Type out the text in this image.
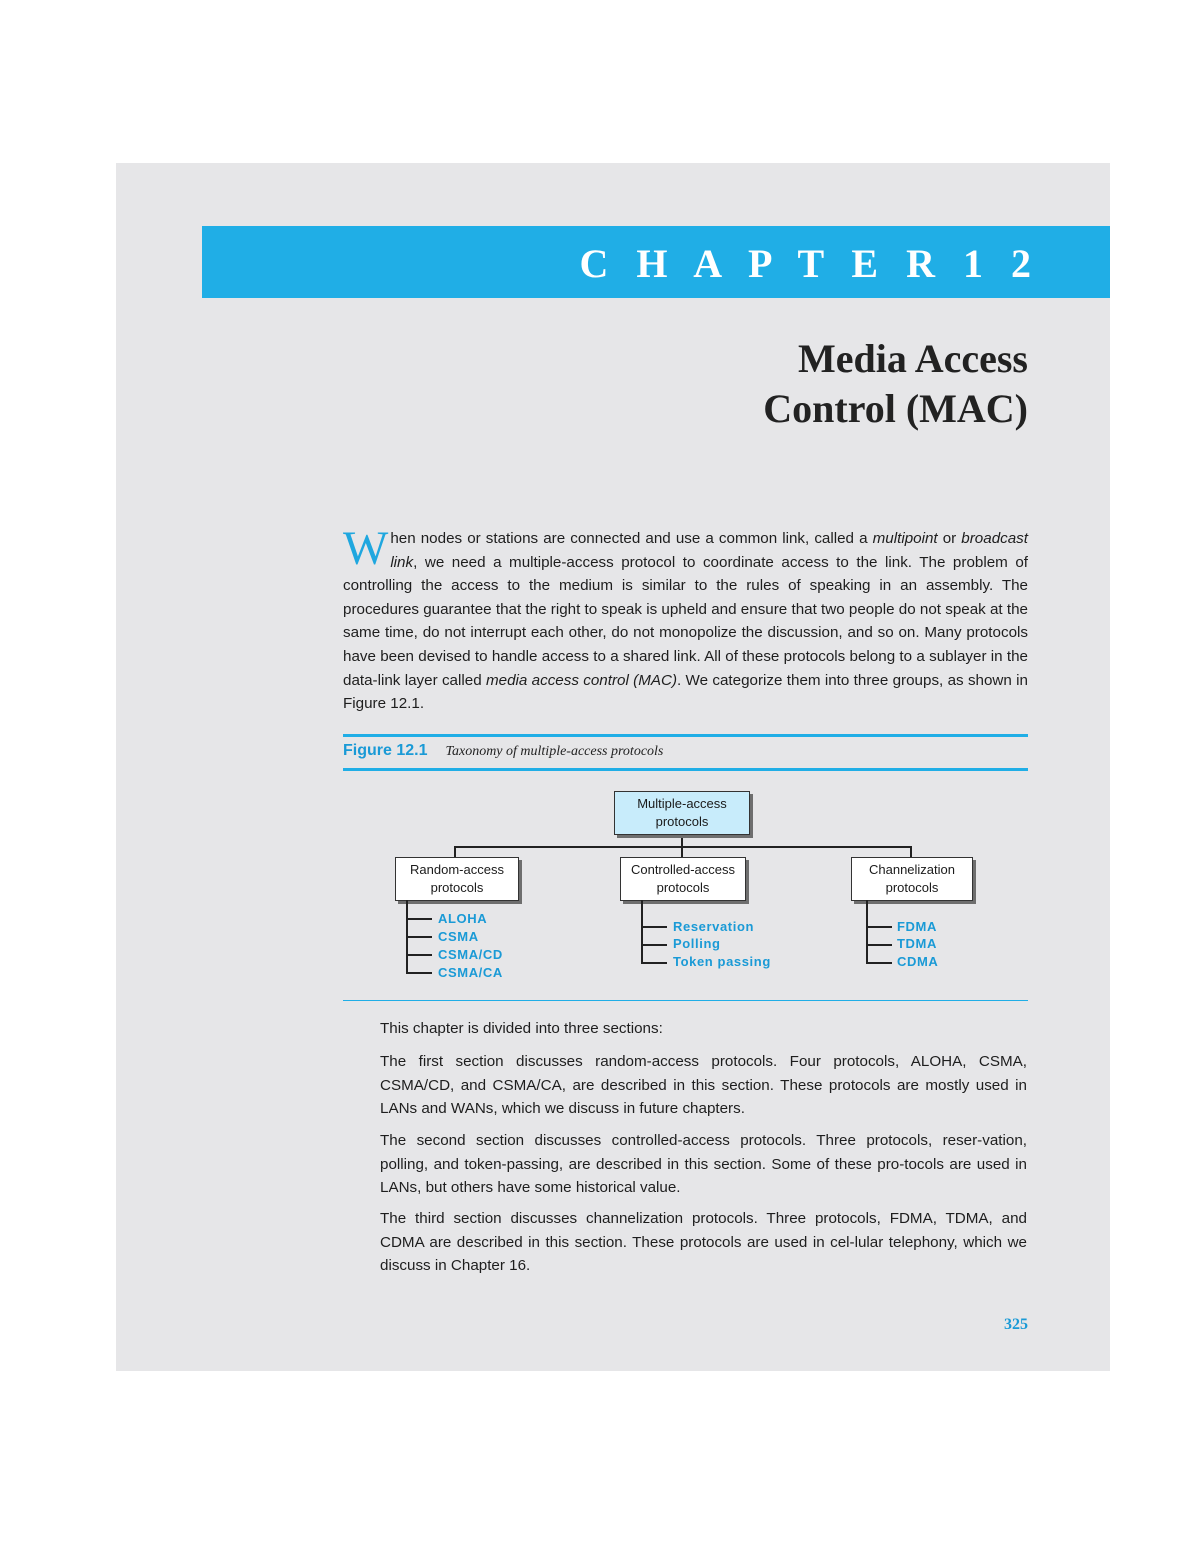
C H A P T E R 1 2
Media Access
Control (MAC)
When nodes or stations are connected and use a common link, called a multipoint or broadcast link, we need a multiple-access protocol to coordinate access to the link. The problem of controlling the access to the medium is similar to the rules of speaking in an assembly. The procedures guarantee that the right to speak is upheld and ensure that two people do not speak at the same time, do not interrupt each other, do not monopolize the discussion, and so on. Many protocols have been devised to handle access to a shared link. All of these protocols belong to a sublayer in the data-link layer called media access control (MAC). We categorize them into three groups, as shown in Figure 12.1.
Figure 12.1 Taxonomy of multiple-access protocols
Multiple-access
protocols
Random-access
protocols
Controlled-access
protocols
Channelization
protocols
ALOHA
CSMA
CSMA/CD
CSMA/CA
Reservation
Polling
Token passing
FDMA
TDMA
CDMA
This chapter is divided into three sections:
The first section discusses random-access protocols. Four protocols, ALOHA, CSMA, CSMA/CD, and CSMA/CA, are described in this section. These protocols are mostly used in LANs and WANs, which we discuss in future chapters.
The second section discusses controlled-access protocols. Three protocols, reser-vation, polling, and token-passing, are described in this section. Some of these pro-tocols are used in LANs, but others have some historical value.
The third section discusses channelization protocols. Three protocols, FDMA, TDMA, and CDMA are described in this section. These protocols are used in cel-lular telephony, which we discuss in Chapter 16.
325
